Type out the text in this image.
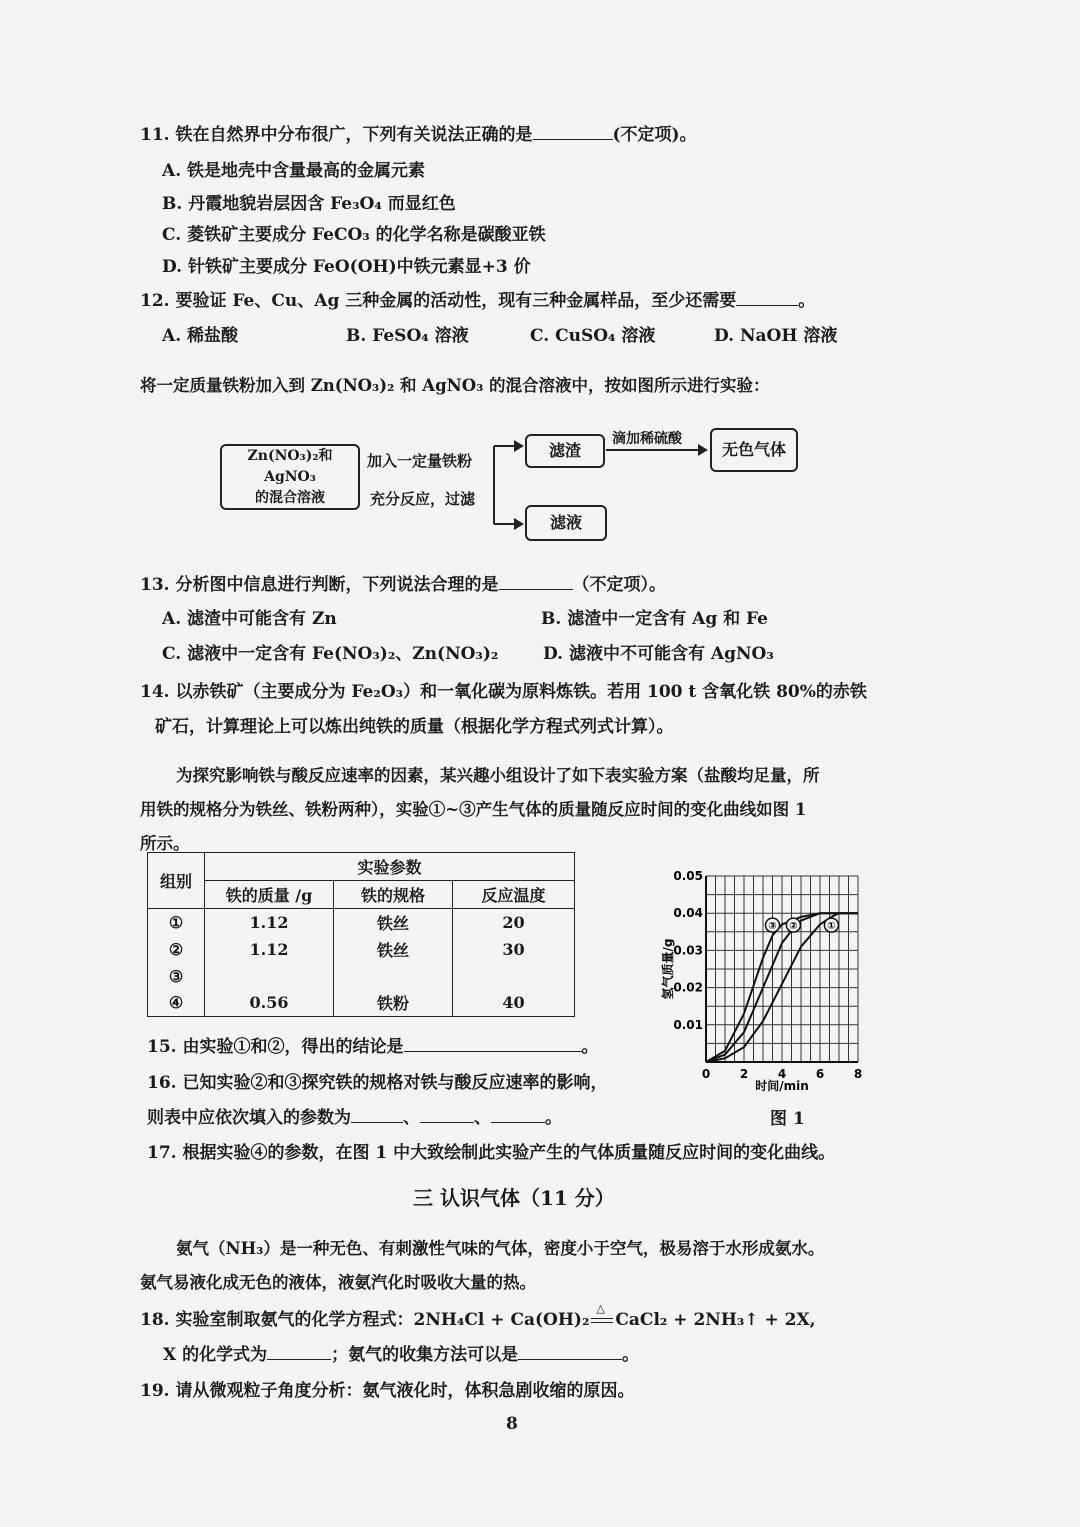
11. 铁在自然界中分布很广，下列有关说法正确的是	(不定项)。
A. 铁是地壳中含量最高的金属元素
B. 丹霞地貌岩层因含 Fe₃O₄ 而显红色
C. 菱铁矿主要成分 FeCO₃ 的化学名称是碳酸亚铁
D. 针铁矿主要成分 FeO(OH)中铁元素显+3 价
12. 要验证 Fe、Cu、Ag 三种金属的活动性，现有三种金属样品，至少还需要	。
A. 稀盐酸	B. FeSO₄ 溶液	C. CuSO₄ 溶液	D. NaOH 溶液
将一定质量铁粉加入到 Zn(NO₃)₂ 和 AgNO₃ 的混合溶液中，按如图所示进行实验：
Zn(NO₃)₂和AgNO₃
的混合溶液
加入一定量铁粉
充分反应，过滤
滤渣
滴加稀硫酸
无色气体
滤液
13. 分析图中信息进行判断，下列说法合理的是	（不定项）。
A. 滤渣中可能含有 Zn	B. 滤渣中一定含有 Ag 和 Fe
C. 滤液中一定含有 Fe(NO₃)₂、Zn(NO₃)₂	D. 滤液中不可能含有 AgNO₃
14. 以赤铁矿（主要成分为 Fe₂O₃）和一氧化碳为原料炼铁。若用 100 t 含氧化铁 80%的赤铁
矿石，计算理论上可以炼出纯铁的质量（根据化学方程式列式计算）。
为探究影响铁与酸反应速率的因素，某兴趣小组设计了如下表实验方案（盐酸均足量，所
用铁的规格分为铁丝、铁粉两种），实验①~③产生气体的质量随反应时间的变化曲线如图 1
所示。
组别	实验参数		
	铁的质量 /g	铁的规格	反应温度
①	1.12	铁丝	20
②	1.12	铁丝	30
③			
④	0.56	铁粉	40
0 2 4 6 8
0.01
0.02
0.03
0.04
0.05
时间/min
氢气质量/g
③ ②	①
图 1
15. 由实验①和②，得出的结论是	。
16. 已知实验②和③探究铁的规格对铁与酸反应速率的影响，
则表中应依次填入的参数为	、	、	。
17. 根据实验④的参数，在图 1 中大致绘制此实验产生的气体质量随反应时间的变化曲线。
三 认识气体（11 分）
氨气（NH₃）是一种无色、有刺激性气味的气体，密度小于空气，极易溶于水形成氨水。
氨气易液化成无色的液体，液氨汽化时吸收大量的热。
18. 实验室制取氨气的化学方程式：2NH₄Cl + Ca(OH)₂
△
CaCl₂ + 2NH₃↑ + 2X,
X 的化学式为	；氨气的收集方法可以是	。
19. 请从微观粒子角度分析：氨气液化时，体积急剧收缩的原因。
8
